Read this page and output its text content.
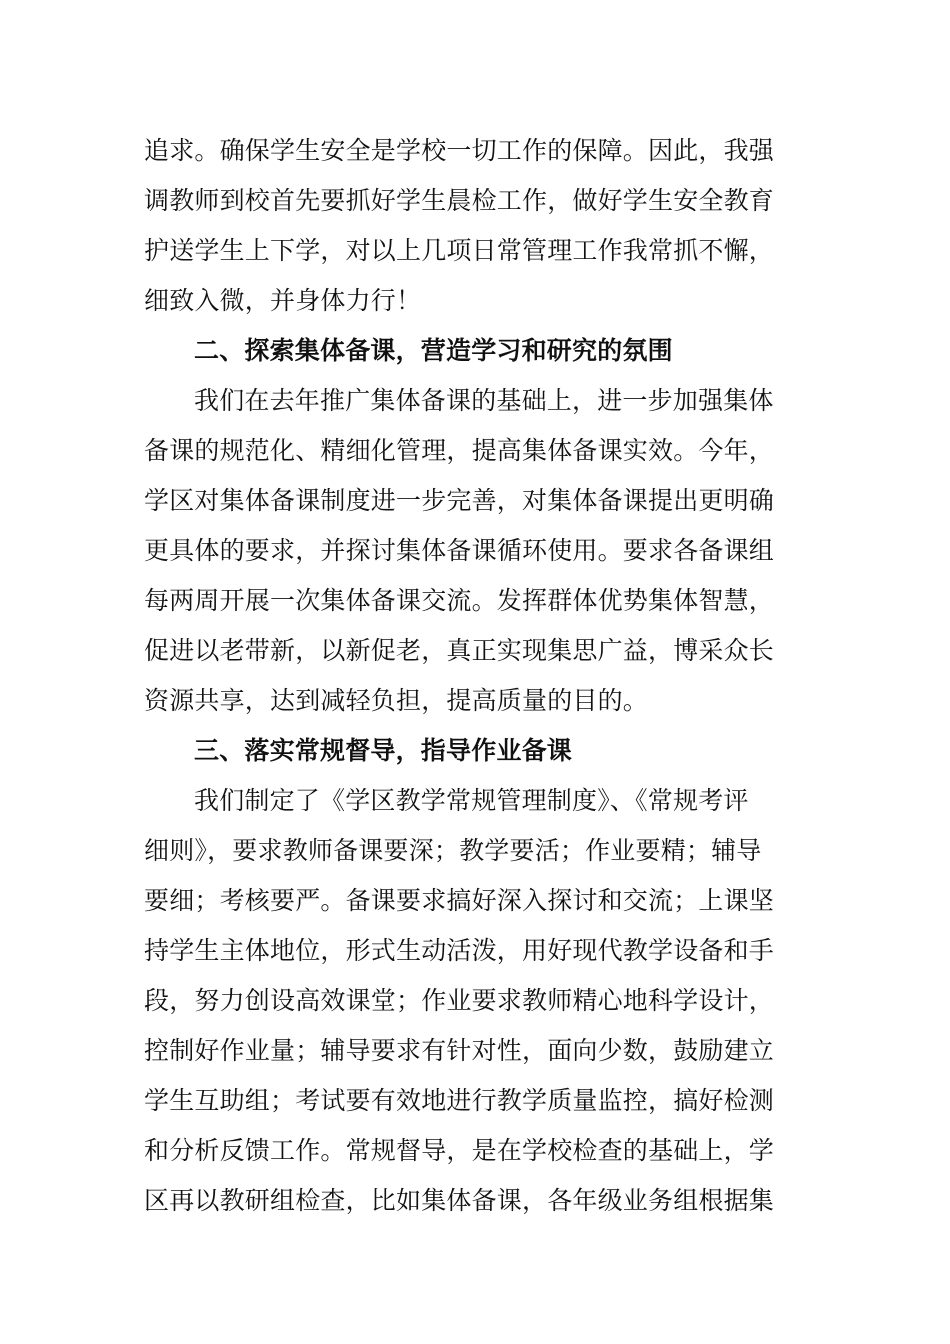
追求。确保学生安全是学校一切工作的保障。因此，我强
调教师到校首先要抓好学生晨检工作，做好学生安全教育
护送学生上下学，对以上几项日常管理工作我常抓不懈，
细致入微，并身体力行！
二、探索集体备课，营造学习和研究的氛围
我们在去年推广集体备课的基础上，进一步加强集体
备课的规范化、精细化管理，提高集体备课实效。今年，
学区对集体备课制度进一步完善，对集体备课提出更明确
更具体的要求，并探讨集体备课循环使用。要求各备课组
每两周开展一次集体备课交流。发挥群体优势集体智慧，
促进以老带新，以新促老，真正实现集思广益，博采众长
资源共享，达到减轻负担，提高质量的目的。
三、落实常规督导，指导作业备课
我们制定了《学区教学常规管理制度》、《常规考评
细则》，要求教师备课要深；教学要活；作业要精；辅导
要细；考核要严。备课要求搞好深入探讨和交流；上课坚
持学生主体地位，形式生动活泼，用好现代教学设备和手
段，努力创设高效课堂；作业要求教师精心地科学设计，
控制好作业量；辅导要求有针对性，面向少数，鼓励建立
学生互助组；考试要有效地进行教学质量监控，搞好检测
和分析反馈工作。常规督导，是在学校检查的基础上，学
区再以教研组检查，比如集体备课，各年级业务组根据集
